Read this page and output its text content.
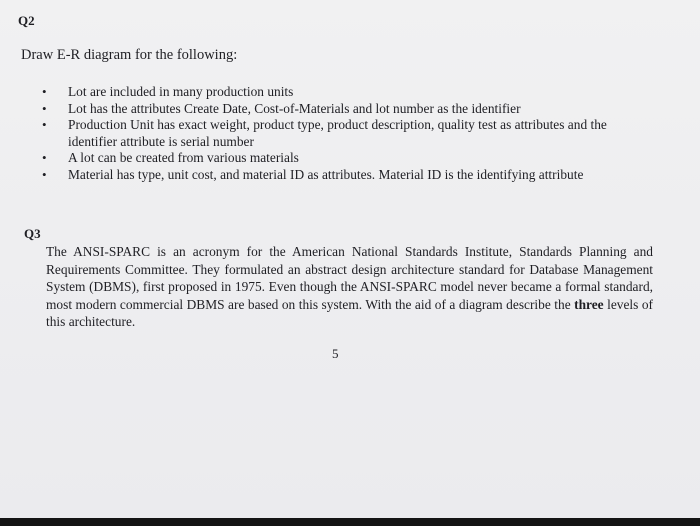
Q2

Draw E-R diagram for the following:

• Lot are included in many production units
• Lot has the attributes Create Date, Cost-of-Materials and lot number as the identifier
• Production Unit has exact weight, product type, product description, quality test as attributes and the identifier attribute is serial number
• A lot can be created from various materials
• Material has type, unit cost, and material ID as attributes. Material ID is the identifying attribute

Q3

The ANSI-SPARC is an acronym for the American National Standards Institute, Standards Planning and Requirements Committee. They formulated an abstract design architecture standard for Database Management System (DBMS), first proposed in 1975. Even though the ANSI-SPARC model never became a formal standard, most modern commercial DBMS are based on this system. With the aid of a diagram describe the three levels of this architecture.

5
